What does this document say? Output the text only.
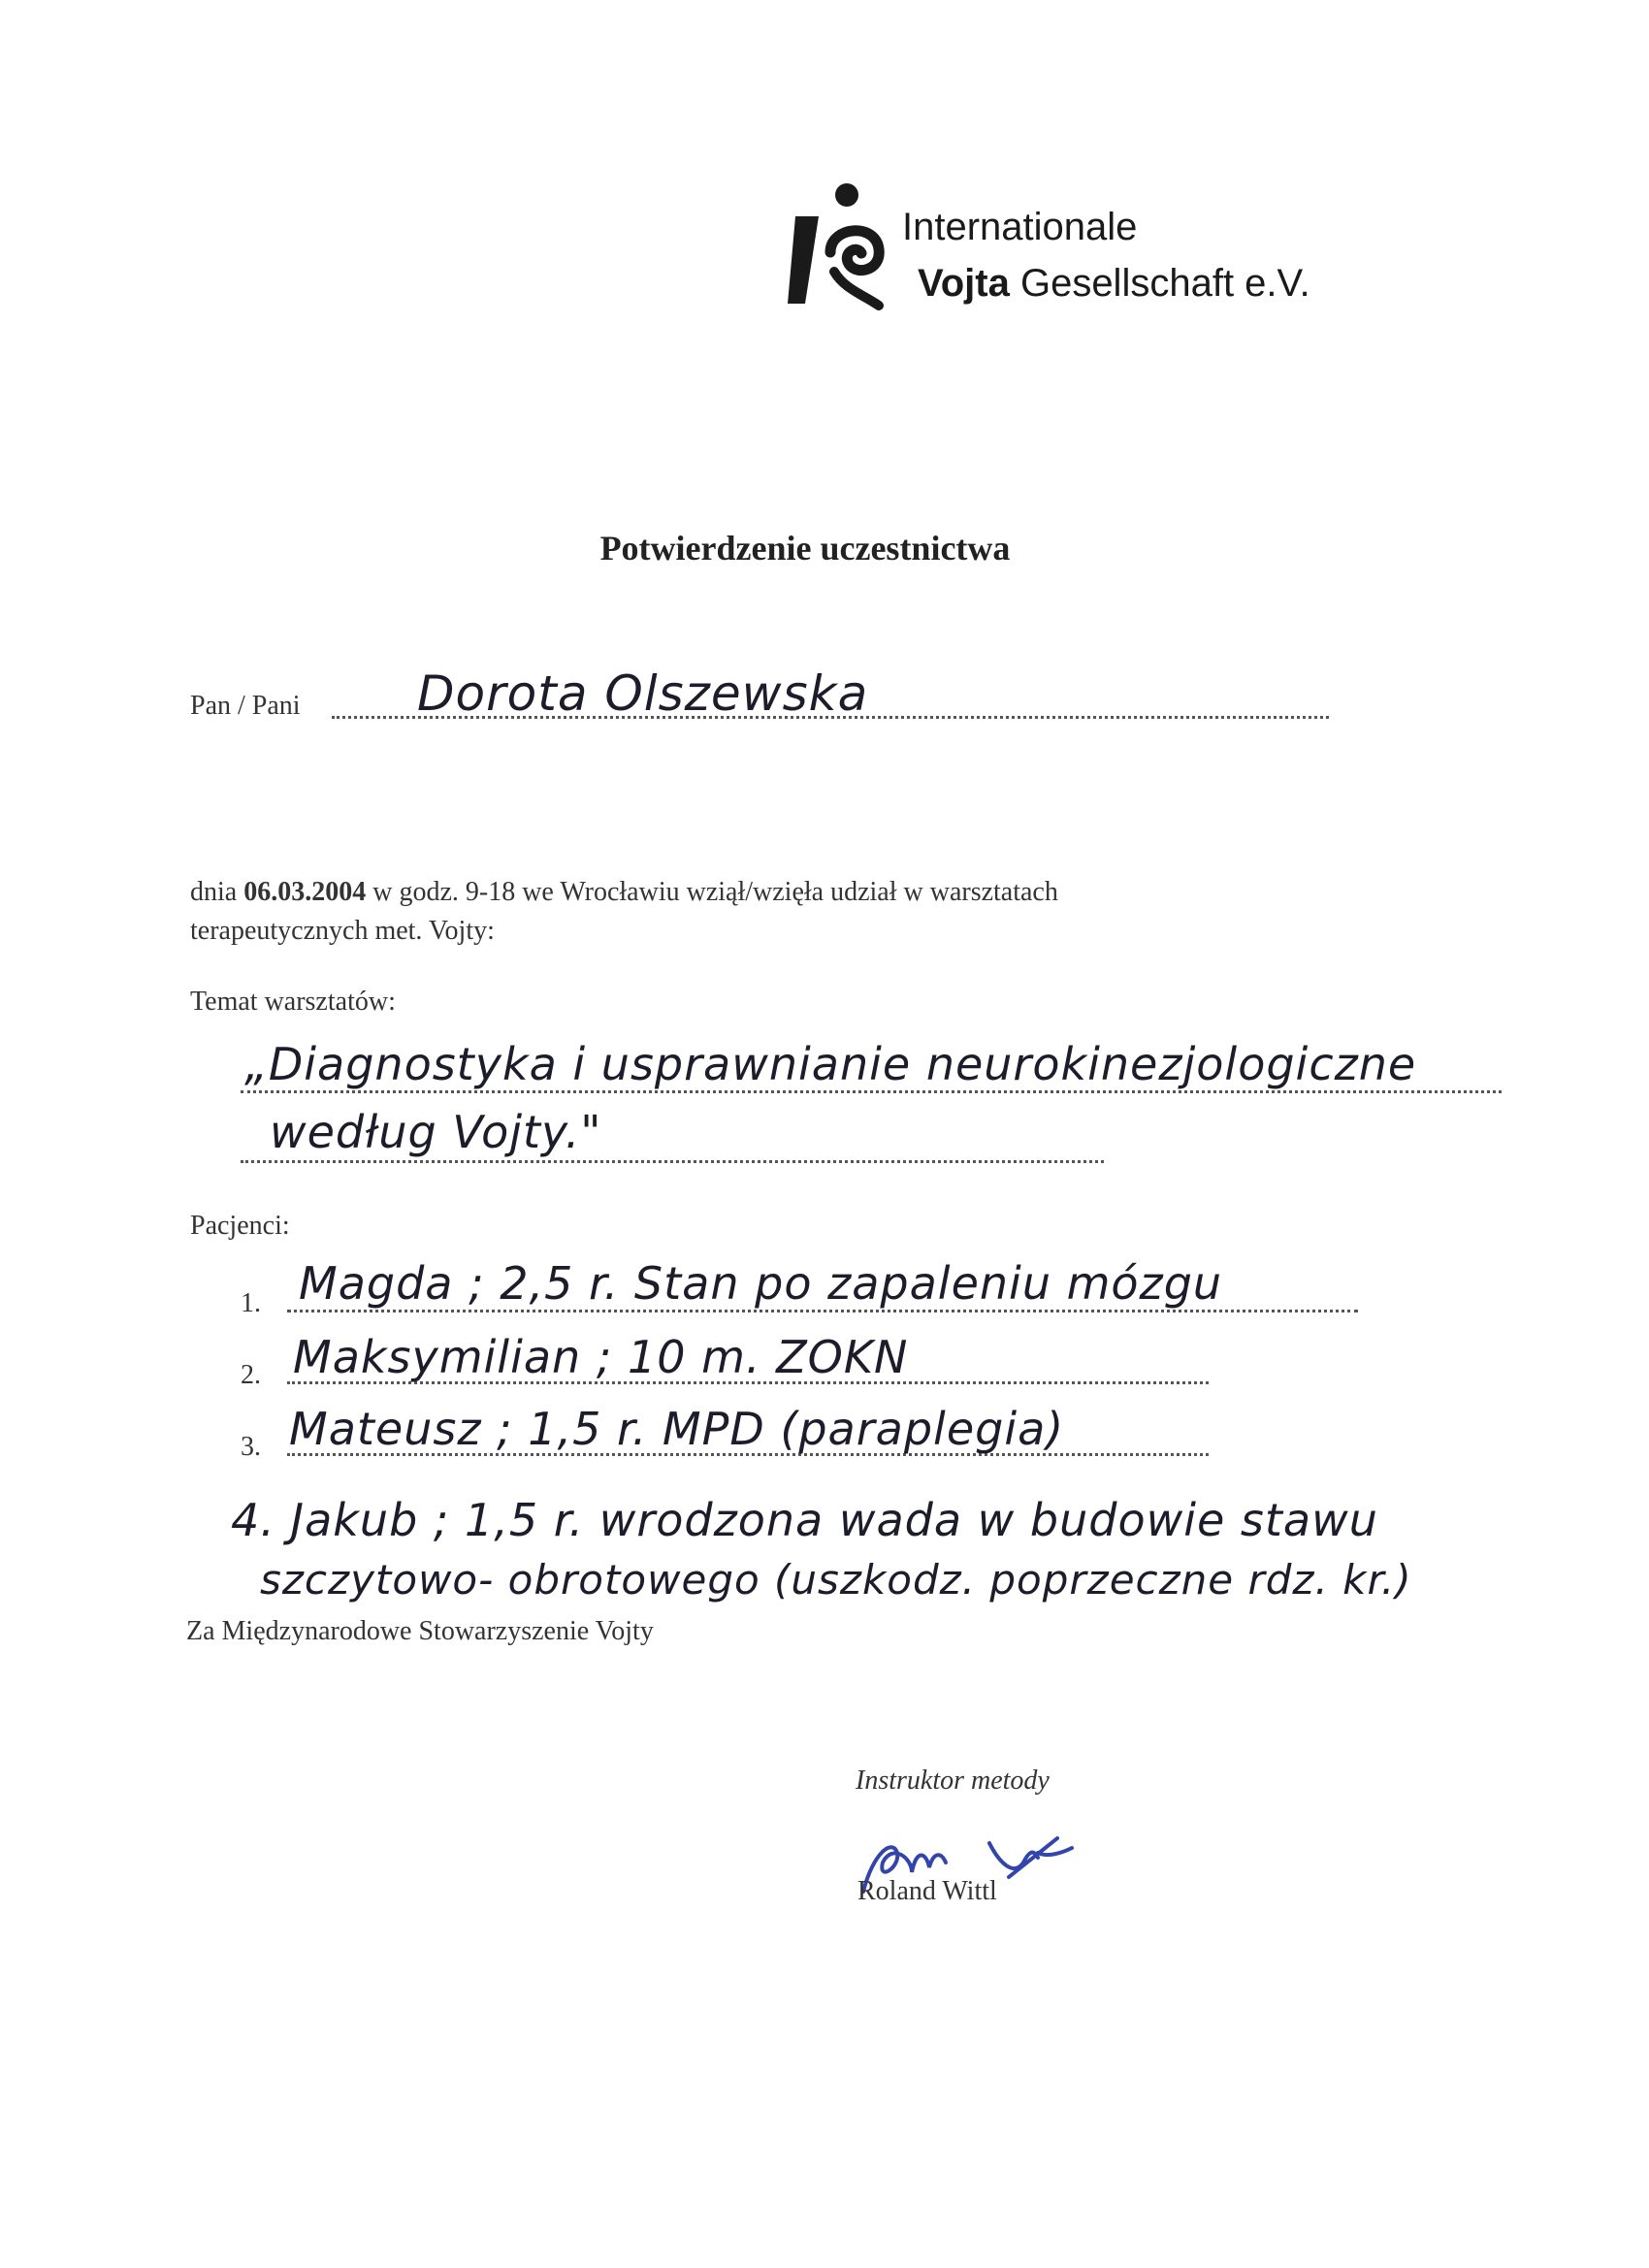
Internationale
Vojta Gesellschaft e.V.
Potwierdzenie uczestnictwa
Pan / Pani Dorota Olszewska
dnia 06.03.2004 w godz. 9-18 we Wrocławiu wziął/wzięła udział w warsztatach
terapeutycznych met. Vojty:
Temat warsztatów:
„Diagnostyka i usprawnianie neurokinezjologiczne
według Vojty."
Pacjenci:
1. Magda ; 2,5 r. Stan po zapaleniu mózgu
2. Maksymilian ; 10 m. ZOKN
3. Mateusz ; 1,5 r. MPD (paraplegia)
4. Jakub ; 1,5 r. wrodzona wada w budowie stawu
szczytowo- obrotowego (uszkodz. poprzeczne rdz. kr.)
Za Międzynarodowe Stowarzyszenie Vojty
Instruktor metody
Roland Wittl
